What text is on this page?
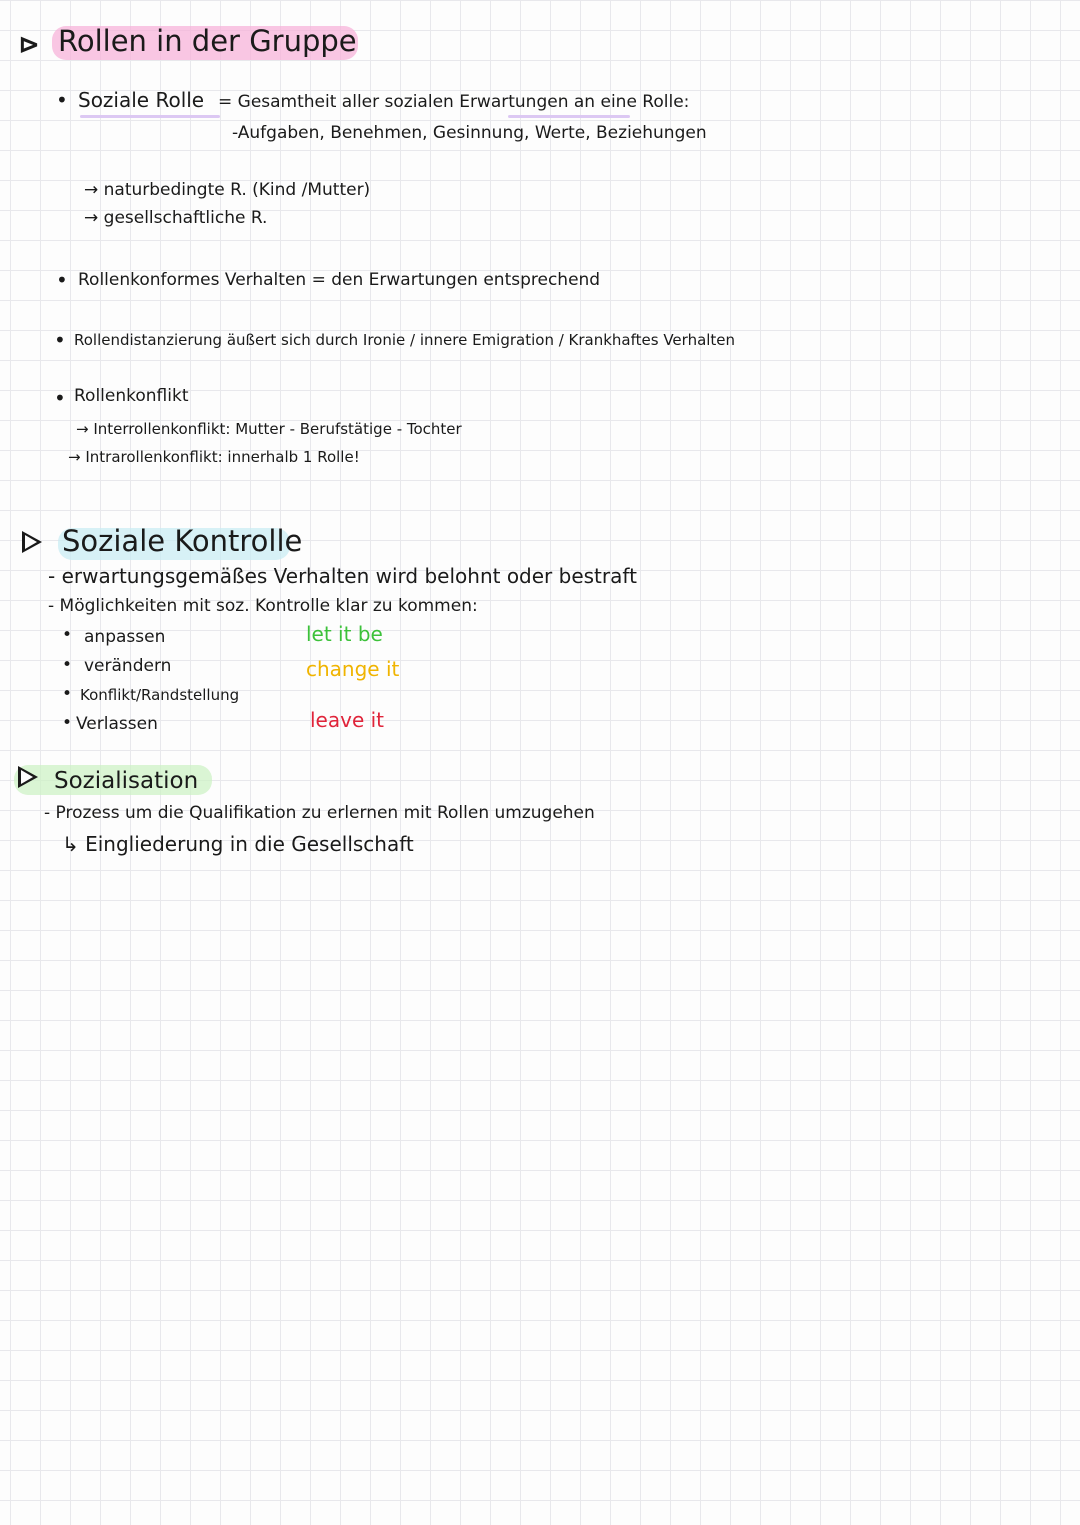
⊳ Rollen in der Gruppe
• Soziale Rolle = Gesamtheit aller sozialen Erwartungen an eine Rolle:
-Aufgaben, Benehmen, Gesinnung, Werte, Beziehungen
→ naturbedingte R. (Kind /Mutter)
→ gesellschaftliche R.
• Rollenkonformes Verhalten = den Erwartungen entsprechend
• Rollendistanzierung äußert sich durch Ironie / innere Emigration / Krankhaftes Verhalten
• Rollenkonflikt
→ Interrollenkonflikt: Mutter - Berufstätige - Tochter
→ Intrarollenkonflikt: innerhalb 1 Rolle!
Soziale Kontrolle
- erwartungsgemäßes Verhalten wird belohnt oder bestraft
- Möglichkeiten mit soz. Kontrolle klar zu kommen:
• anpassen	let it be
• verändern	change it
• Konflikt/Randstellung
• Verlassen	leave it
Sozialisation
- Prozess um die Qualifikation zu erlernen mit Rollen umzugehen
↳ Eingliederung in die Gesellschaft
